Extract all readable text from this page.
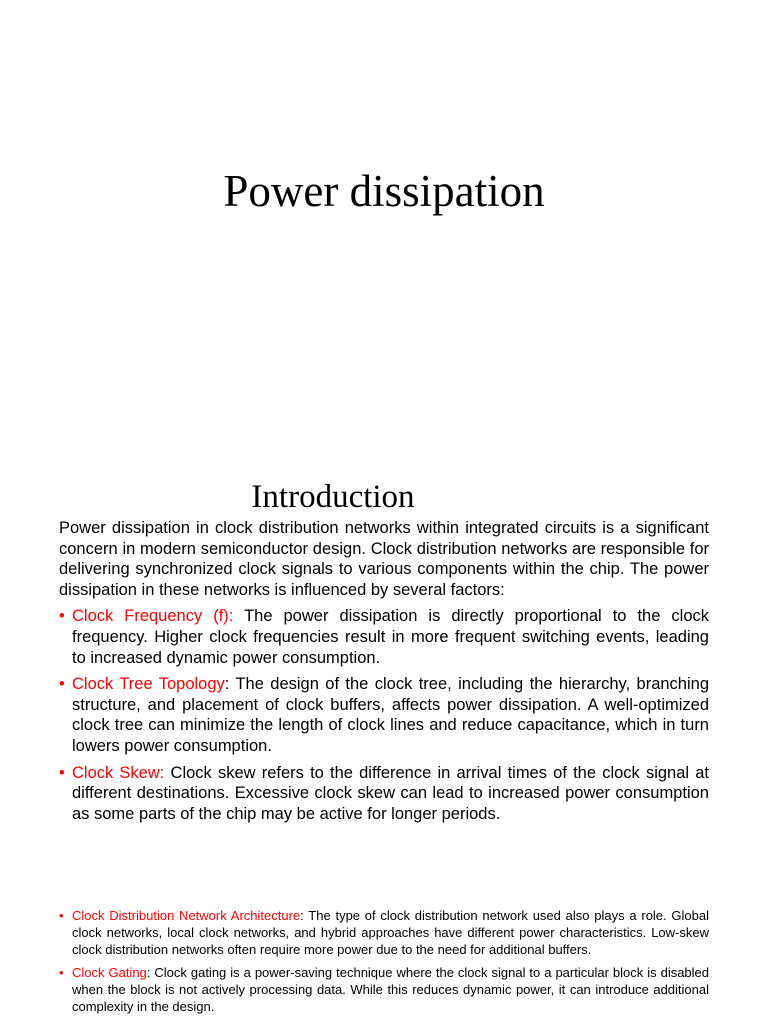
Power dissipation
Introduction

Power dissipation in clock distribution networks within integrated circuits is a significant concern in modern semiconductor design. Clock distribution networks are responsible for delivering synchronized clock signals to various components within the chip. The power dissipation in these networks is influenced by several factors:

• Clock Frequency (f): The power dissipation is directly proportional to the clock frequency. Higher clock frequencies result in more frequent switching events, leading to increased dynamic power consumption.
• Clock Tree Topology: The design of the clock tree, including the hierarchy, branching structure, and placement of clock buffers, affects power dissipation. A well-optimized clock tree can minimize the length of clock lines and reduce capacitance, which in turn lowers power consumption.
• Clock Skew: Clock skew refers to the difference in arrival times of the clock signal at different destinations. Excessive clock skew can lead to increased power consumption as some parts of the chip may be active for longer periods.
• Clock Distribution Network Architecture: The type of clock distribution network used also plays a role. Global clock networks, local clock networks, and hybrid approaches have different power characteristics. Low-skew clock distribution networks often require more power due to the need for additional buffers.
• Clock Gating: Clock gating is a power-saving technique where the clock signal to a particular block is disabled when the block is not actively processing data. While this reduces dynamic power, it can introduce additional complexity in the design.
